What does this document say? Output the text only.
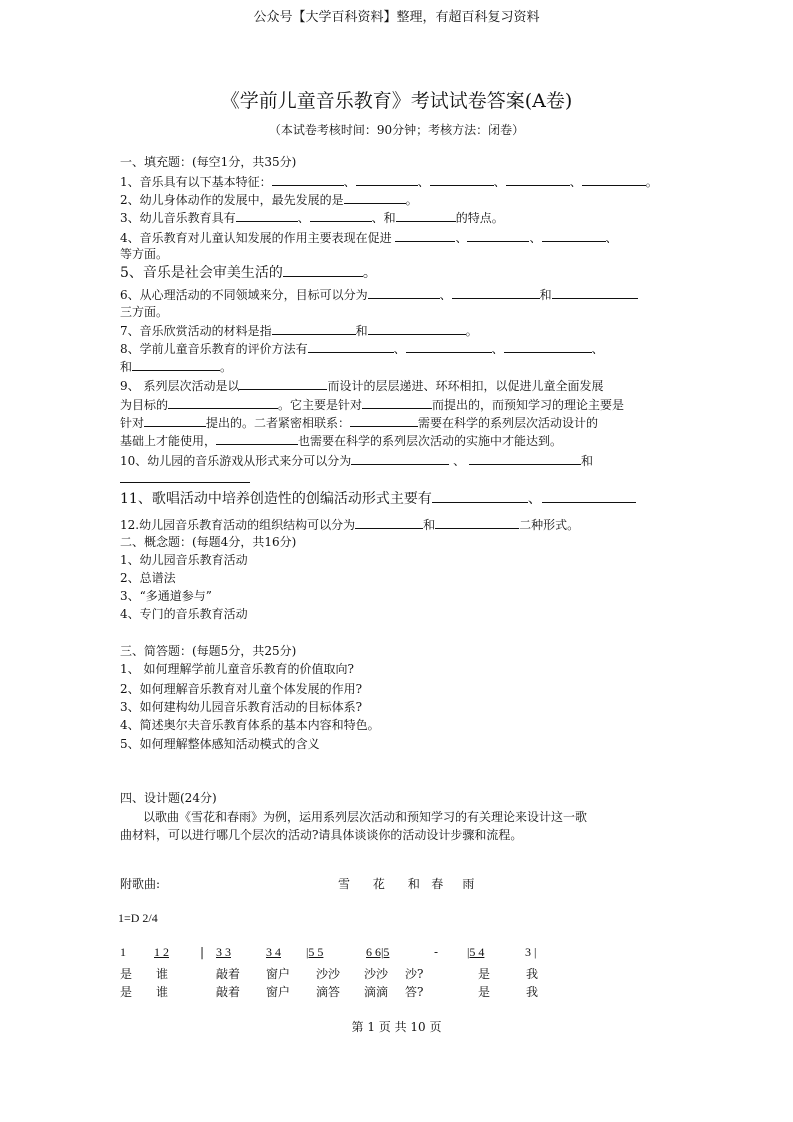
公众号【大学百科资料】整理，有超百科复习资料
《学前儿童音乐教育》考试试卷答案(A卷)
（本试卷考核时间：90分钟；考核方法：闭卷）
一、填充题：(每空1分，共35分)
1、音乐具有以下基本特征：	、	、	、	、	。
2、幼儿身体动作的发展中，最先发展的是	。
3、幼儿音乐教育具有	、	、和	的特点。
4、音乐教育对儿童认知发展的作用主要表现在促进	、	、	、
等方面。
5、音乐是社会审美生活的	。
6、从心理活动的不同领域来分，目标可以分为	、	和
三方面。
7、音乐欣赏活动的材料是指	和	。
8、学前儿童音乐教育的评价方法有	、	、	、
和	。
9、 系列层次活动是以	而设计的层层递进、环环相扣，以促进儿童全面发展
为目标的	。它主要是针对	而提出的，而预知学习的理论主要是
针对	提出的。二者紧密相联系：	需要在科学的系列层次活动设计的
基础上才能使用，	也需要在科学的系列层次活动的实施中才能达到。
10、幼儿园的音乐游戏从形式来分可以分为	、	和
11、歌唱活动中培养创造性的创编活动形式主要有	、
12.幼儿园音乐教育活动的组织结构可以分为	和	二种形式。
二、概念题：(每题4分，共16分)
1、幼儿园音乐教育活动
2、总谱法
3、“多通道参与”
4、专门的音乐教育活动
三、简答题：(每题5分，共25分)
1、 如何理解学前儿童音乐教育的价值取向?
2、如何理解音乐教育对儿童个体发展的作用?
3、如何建构幼儿园音乐教育活动的目标体系?
4、简述奥尔夫音乐教育体系的基本内容和特色。
5、如何理解整体感知活动模式的含义
四、设计题(24分)
以歌曲《雪花和春雨》为例，运用系列层次活动和预知学习的有关理论来设计这一歌
曲材料，可以进行哪几个层次的活动?请具体谈谈你的活动设计步骤和流程。
附歌曲:	雪 花 和 春 雨
1=D 2/4
1 1 2	| 3 3	3 4 |5 5	6 6|5	- |5 4	3 |
是 谁	敲着 窗户 沙沙 沙沙 沙?	是	我
是 谁	敲着 窗户 滴答 滴滴 答?	是	我
第 1 页 共 10 页
